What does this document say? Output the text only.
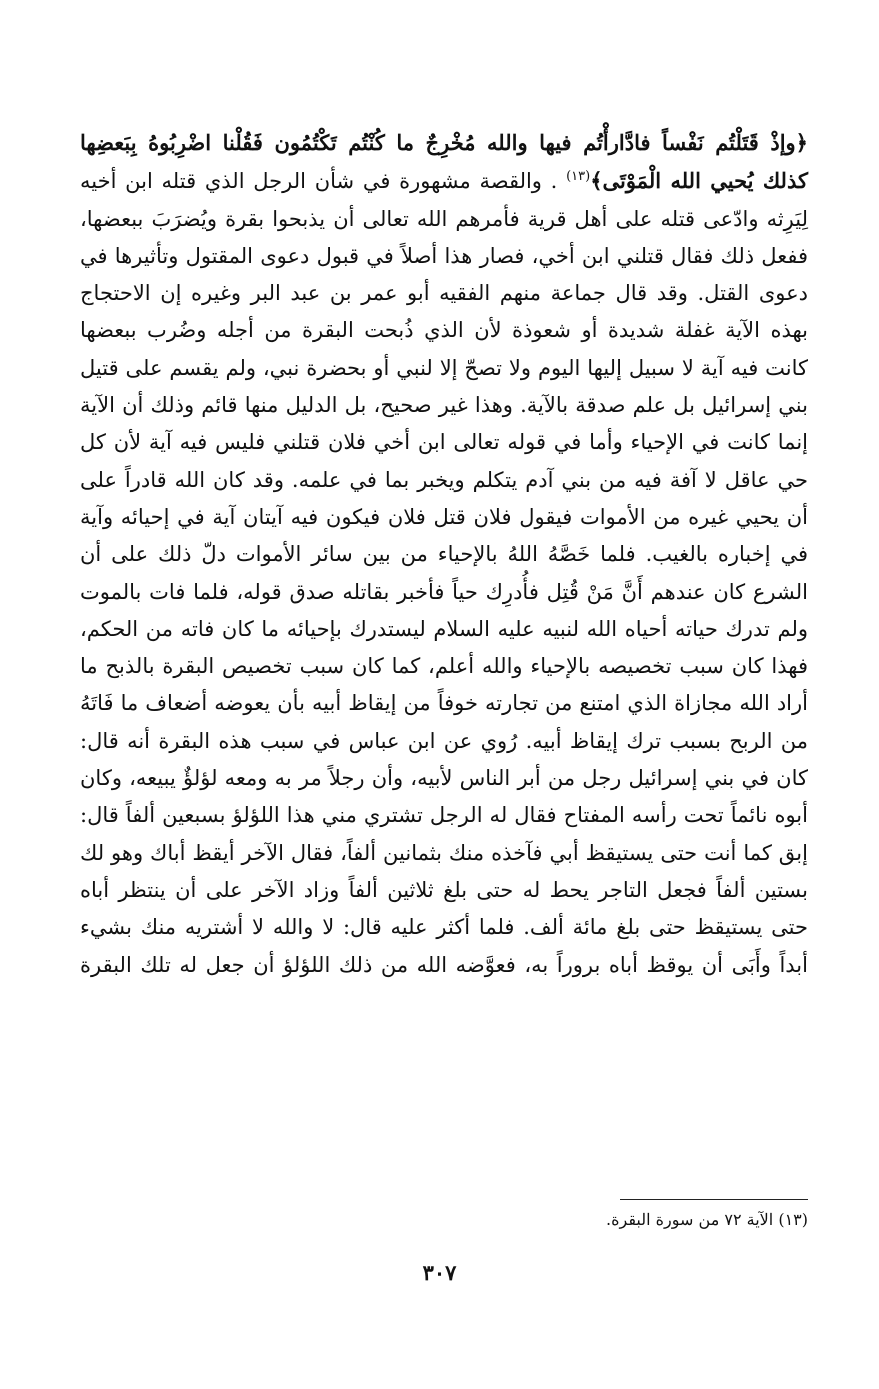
﴿وإذْ قَتَلْتُم نَفْساً فادَّارأْتُم فيها والله مُخْرِجٌ ما كُنْتُم تَكْتُمُون فَقُلْنا اضْرِبُوهُ بِبَعضِها كذلك يُحيي الله الْمَوْتَى﴾$^{(١٣)}$ . والقصة مشهورة في شأن الرجل الذي قتله ابن أخيه لِيَرِثه وادّعى قتله على أهل قرية فأمرهم الله تعالى أن يذبحوا بقرة ويُضرَبَ ببعضها، ففعل ذلك فقال قتلني ابن أخي، فصار هذا أصلاً في قبول دعوى المقتول وتأثيرها في دعوى القتل. وقد قال جماعة منهم الفقيه أبو عمر بن عبد البر وغيره إن الاحتجاج بهذه الآية غفلة شديدة أو شعوذة لأن الذي ذُبحت البقرة من أجله وضُرب ببعضها كانت فيه آية لا سبيل إليها اليوم ولا تصحّ إلا لنبي أو بحضرة نبي، ولم يقسم على قتيل بني إسرائيل بل علم صدقة بالآية. وهذا غير صحيح، بل الدليل منها قائم وذلك أن الآية إنما كانت في الإحياء وأما في قوله تعالى ابن أخي فلان قتلني فليس فيه آية لأن كل حي عاقل لا آفة فيه من بني آدم يتكلم ويخبر بما في علمه. وقد كان الله قادراً على أن يحيي غيره من الأموات فيقول فلان قتل فلان فيكون فيه آيتان آية في إحيائه وآية في إخباره بالغيب. فلما خَصَّهُ اللهُ بالإحياء من بين سائر الأموات دلّ ذلك على أن الشرع كان عندهم أَنَّ مَنْ قُتِل فأُدرِك حياً فأخبر بقاتله صدق قوله، فلما فات بالموت ولم تدرك حياته أحياه الله لنبيه عليه السلام ليستدرك بإحيائه ما كان فاته من الحكم، فهذا كان سبب تخصيصه بالإحياء والله أعلم، كما كان سبب تخصيص البقرة بالذبح ما أراد الله مجازاة الذي امتنع من تجارته خوفاً من إيقاظ أبيه بأن يعوضه أضعاف ما فَاتَهُ من الربح بسبب ترك إيقاظ أبيه. رُوي عن ابن عباس في سبب هذه البقرة أنه قال: كان في بني إسرائيل رجل من أبر الناس لأبيه، وأن رجلاً مر به ومعه لؤلؤٌ يبيعه، وكان أبوه نائماً تحت رأسه المفتاح فقال له الرجل تشتري مني هذا اللؤلؤ بسبعين ألفاً قال: إبق كما أنت حتى يستيقظ أبي فآخذه منك بثمانين ألفاً، فقال الآخر أيقظ أباك وهو لك بستين ألفاً فجعل التاجر يحط له حتى بلغ ثلاثين ألفاً وزاد الآخر على أن ينتظر أباه حتى يستيقظ حتى بلغ مائة ألف. فلما أكثر عليه قال: لا والله لا أشتريه منك بشيء أبداً وأَبَى أن يوقظ أباه بروراً به، فعوَّضه الله من ذلك اللؤلؤ أن جعل له تلك البقرة

(١٣) الآية ٧٢ من سورة البقرة.
٣٠٧
